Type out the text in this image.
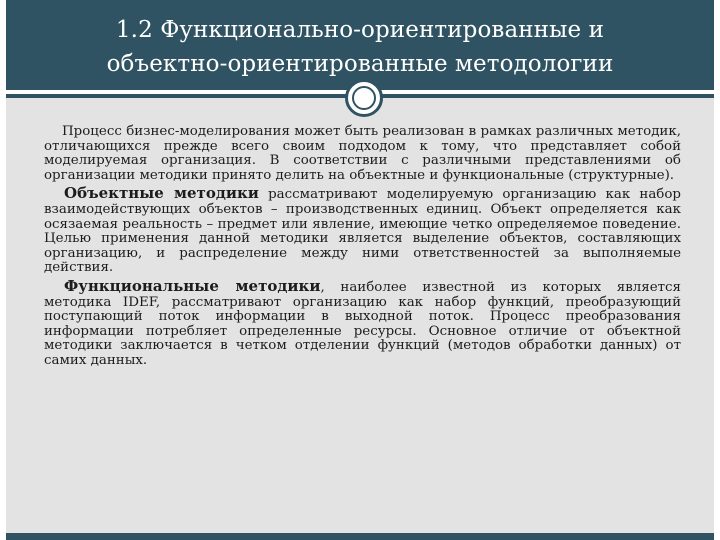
1.2 Функционально-ориентированные и
объектно-ориентированные методологии

Процесс бизнес-моделирования может быть реализован в рамках различных методик, отличающихся прежде всего своим подходом к тому, что представляет собой моделируемая организация. В соответствии с различными представлениями об организации методики принято делить на объектные и функциональные (структурные).

Объектные методики рассматривают моделируемую организацию как набор взаимодействующих объектов – производственных единиц. Объект определяется как осязаемая реальность – предмет или явление, имеющие четко определяемое поведение. Целью применения данной методики является выделение объектов, составляющих организацию, и распределение между ними ответственностей за выполняемые действия.

Функциональные методики, наиболее известной из которых является методика IDEF, рассматривают организацию как набор функций, преобразующий поступающий поток информации в выходной поток. Процесс преобразования информации потребляет определенные ресурсы. Основное отличие от объектной методики заключается в четком отделении функций (методов обработки данных) от самих данных.
